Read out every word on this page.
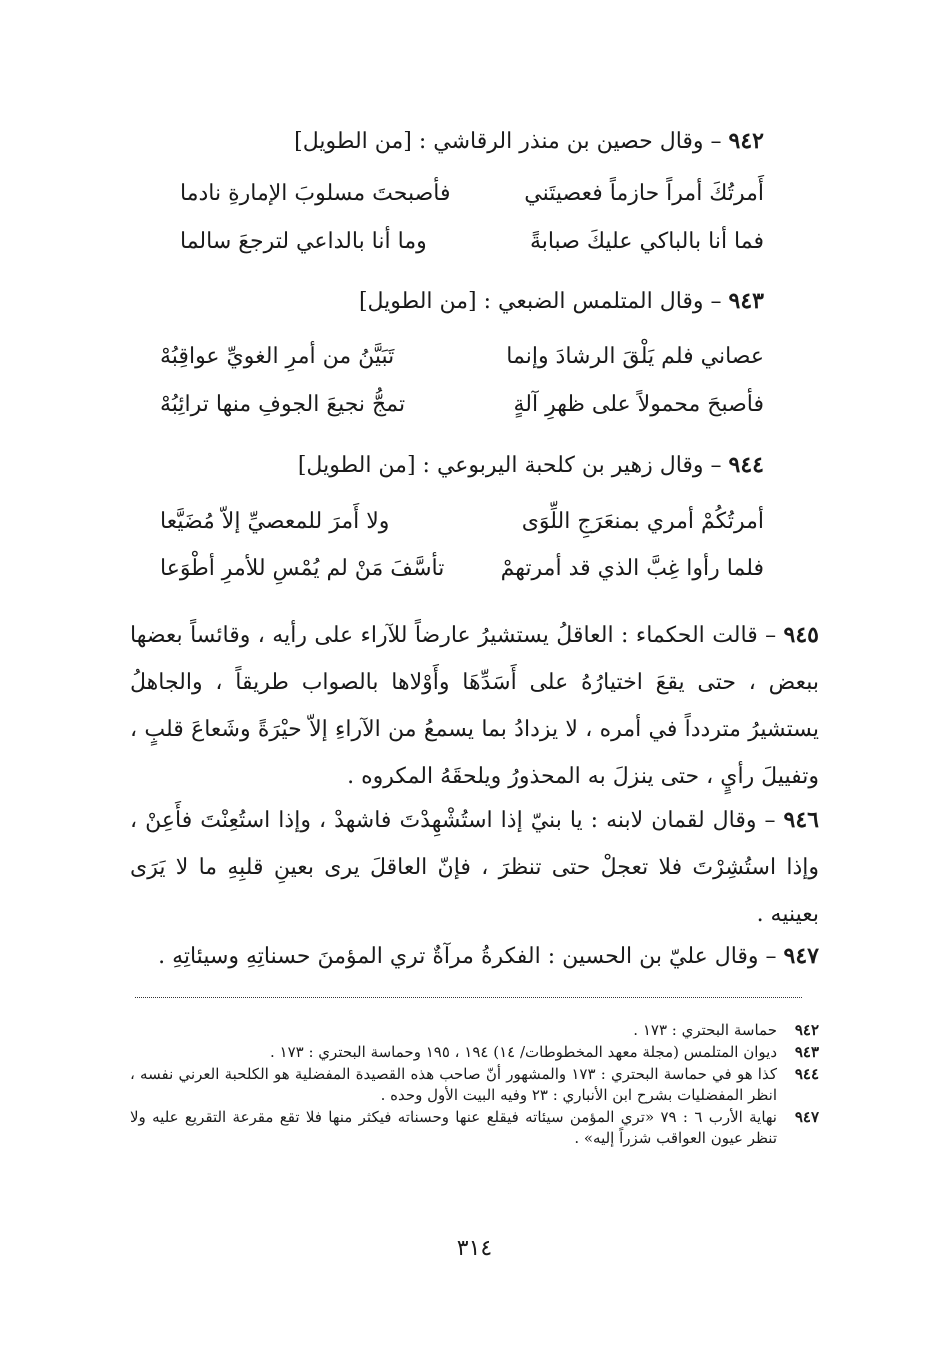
٩٤٢ – وقال حصين بن منذر الرقاشي : [من الطويل]
أَمرتُكَ أمراً حازماً فعصيتَني
فأصبحتَ مسلوبَ الإمارةِ نادما
فما أنا بالباكي عليكَ صبابةً
وما أنا بالداعي لترجعَ سالما
٩٤٣ – وقال المتلمس الضبعي : [من الطويل]
عصاني فلم يَلْقَ الرشادَ وإنما
تَبَيَّنُ من أمرِ الغويِّ عواقِبُهْ
فأصبحَ محمولاً على ظهرِ آلةٍ
تمجُّ نجيعَ الجوفِ منها ترائِبُهْ
٩٤٤ – وقال زهير بن كلحبة اليربوعي : [من الطويل]
أمرتُكُمْ أمري بمنعَرَجِ اللِّوَى
ولا أَمرَ للمعصيِّ إلاّ مُضَيَّعا
فلما رأوا غِبَّ الذي قد أمرتهمْ
تأسَّفَ مَنْ لم يُمْسِ للأمرِ أطْوَعا
٩٤٥ – قالت الحكماء : العاقلُ يستشيرُ عارضاً للآراء على رأيه ، وقائساً بعضها ببعض ، حتى يقعَ اختيارُهُ على أَسَدِّهَا وأَوْلاها بالصواب طريقاً ، والجاهلُ يستشيرُ متردداً في أمره ، لا يزدادُ بما يسمعُ من الآراءِ إلاّ حيْرَةً وشَعاعَ قلبٍ ، وتفييلَ رأيٍ ، حتى ينزلَ به المحذورُ ويلحقَهُ المكروه .
٩٤٦ – وقال لقمان لابنه : يا بنيّ إذا استُشْهِدْتَ فاشهدْ ، وإذا استُعِنْتَ فأَعِنْ ، وإذا استُشِرْتَ فلا تعجلْ حتى تنظرَ ، فإنّ العاقلَ يرى بعينِ قلبِهِ ما لا يَرَى بعينيه .
٩٤٧ – وقال عليّ بن الحسين : الفكرةُ مرآةٌ تري المؤمنَ حسناتِهِ وسيئاتِهِ .
٩٤٢
حماسة البحتري : ١٧٣ .
٩٤٣
ديوان المتلمس (مجلة معهد المخطوطات/ ١٤) ١٩٤ ، ١٩٥ وحماسة البحتري : ١٧٣ .
٩٤٤
كذا هو في حماسة البحتري : ١٧٣ والمشهور أنّ صاحب هذه القصيدة المفضلية هو الكلحبة العرني نفسه ، انظر المفضليات بشرح ابن الأنباري : ٢٣ وفيه البيت الأول وحده .
٩٤٧
نهاية الأرب ٦ : ٧٩ «تري المؤمن سيئاته فيقلع عنها وحسناته فيكثر منها فلا تقع مقرعة التقريع عليه ولا تنظر عيون العواقب شزراً إليه» .
٣١٤
